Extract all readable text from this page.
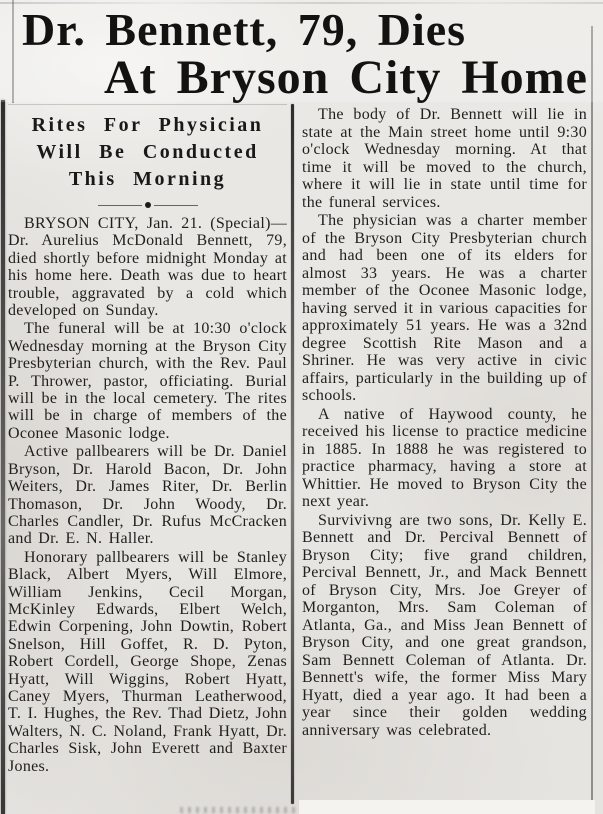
Dr. Bennett, 79, Dies
At Bryson City Home
Rites For Physician
Will Be Conducted
This Morning

BRYSON CITY, Jan. 21. (Special)—Dr. Aurelius McDonald Bennett, 79, died shortly before midnight Monday at his home here. Death was due to heart trouble, aggravated by a cold which developed on Sunday.

The funeral will be at 10:30 o'clock Wednesday morning at the Bryson City Presbyterian church, with the Rev. Paul P. Thrower, pastor, officiating. Burial will be in the local cemetery. The rites will be in charge of members of the Oconee Masonic lodge.

Active pallbearers will be Dr. Daniel Bryson, Dr. Harold Bacon, Dr. John Weiters, Dr. James Riter, Dr. Berlin Thomason, Dr. John Woody, Dr. Charles Candler, Dr. Rufus McCracken and Dr. E. N. Haller.

Honorary pallbearers will be Stanley Black, Albert Myers, Will Elmore, William Jenkins, Cecil Morgan, McKinley Edwards, Elbert Welch, Edwin Corpening, John Dowtin, Robert Snelson, Hill Goffet, R. D. Pyton, Robert Cordell, George Shope, Zenas Hyatt, Will Wiggins, Robert Hyatt, Caney Myers, Thurman Leatherwood, T. I. Hughes, the Rev. Thad Dietz, John Walters, N. C. Noland, Frank Hyatt, Dr. Charles Sisk, John Everett and Baxter Jones.

The body of Dr. Bennett will lie in state at the Main street home until 9:30 o'clock Wednesday morning. At that time it will be moved to the church, where it will lie in state until time for the funeral services.

The physician was a charter member of the Bryson City Presbyterian church and had been one of its elders for almost 33 years. He was a charter member of the Oconee Masonic lodge, having served it in various capacities for approximately 51 years. He was a 32nd degree Scottish Rite Mason and a Shriner. He was very active in civic affairs, particularly in the building up of schools.

A native of Haywood county, he received his license to practice medicine in 1885. In 1888 he was registered to practice pharmacy, having a store at Whittier. He moved to Bryson City the next year.

Survivivng are two sons, Dr. Kelly E. Bennett and Dr. Percival Bennett of Bryson City; five grand children, Percival Bennett, Jr., and Mack Bennett of Bryson City, Mrs. Joe Greyer of Morganton, Mrs. Sam Coleman of Atlanta, Ga., and Miss Jean Bennett of Bryson City, and one great grandson, Sam Bennett Coleman of Atlanta. Dr. Bennett's wife, the former Miss Mary Hyatt, died a year ago. It had been a year since their golden wedding anniversary was celebrated.
